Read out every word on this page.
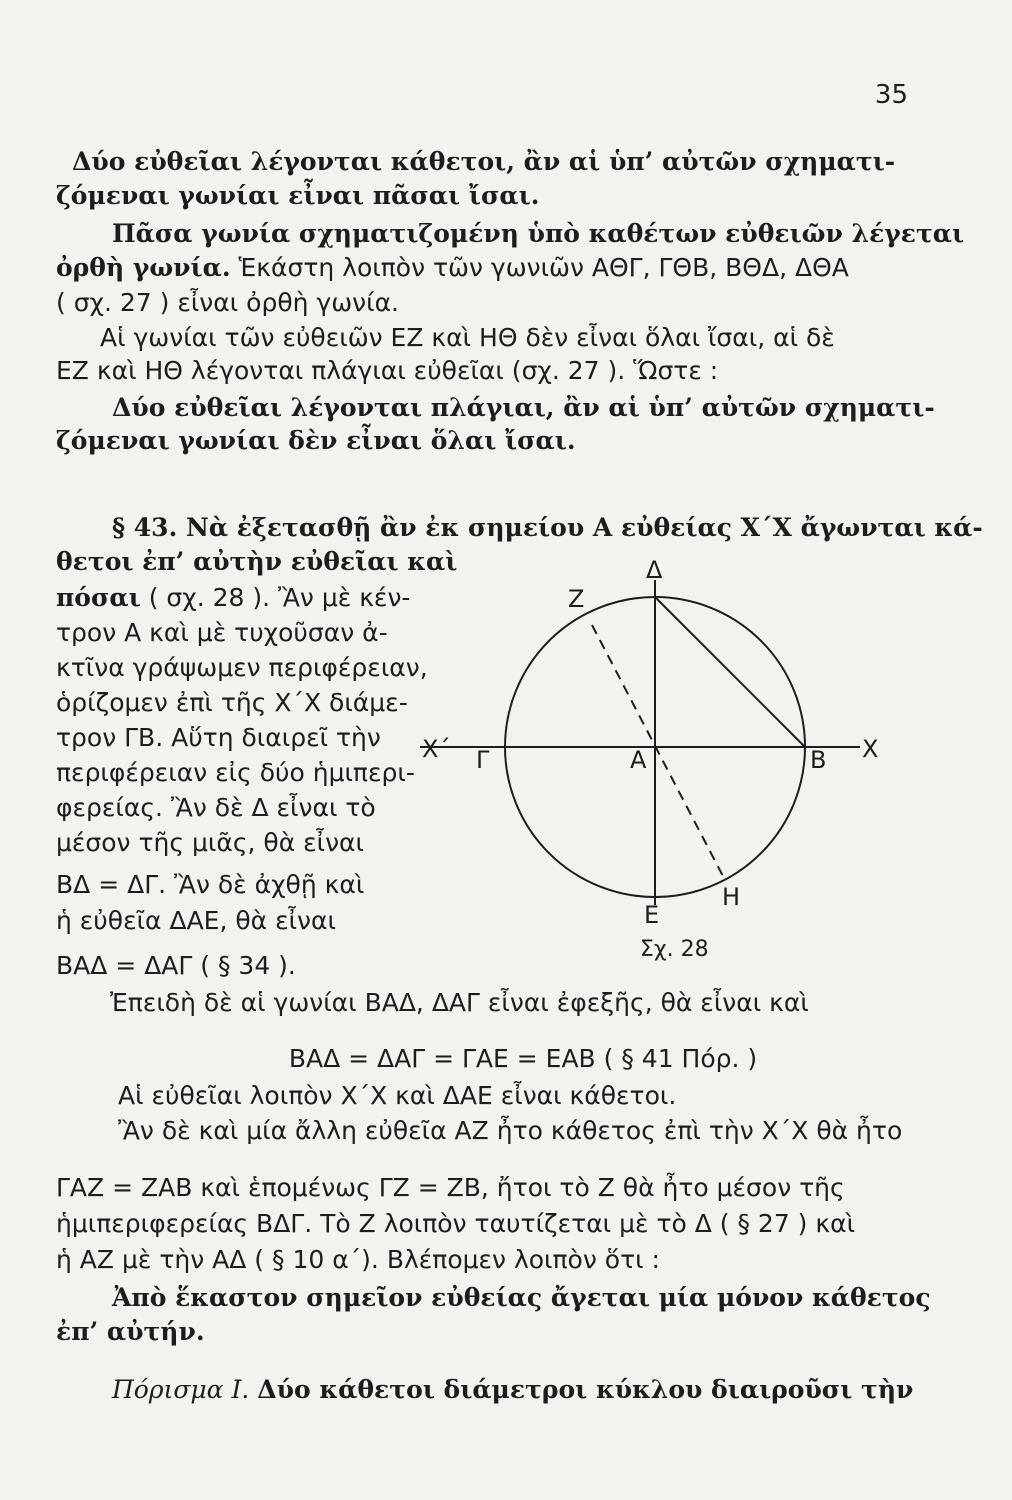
35
Δύο εὐθεῖαι λέγονται κάθετοι, ἂν αἱ ὑπ’ αὐτῶν σχηματι-
ζόμεναι γωνίαι εἶναι πᾶσαι ἴσαι.
Πᾶσα γωνία σχηματιζομένη ὑπὸ καθέτων εὐθειῶν λέγεται
ὀρθὴ γωνία. Ἑκάστη λοιπὸν τῶν γωνιῶν ΑΘΓ, ΓΘΒ, ΒΘΔ, ΔΘΑ
( σχ. 27 ) εἶναι ὀρθὴ γωνία.
Αἱ γωνίαι τῶν εὐθειῶν ΕΖ καὶ ΗΘ δὲν εἶναι ὅλαι ἴσαι, αἱ δὲ
ΕΖ καὶ ΗΘ λέγονται πλάγιαι εὐθεῖαι (σχ. 27 ). Ὥστε :
Δύο εὐθεῖαι λέγονται πλάγιαι, ἂν αἱ ὑπ’ αὐτῶν σχηματι-
ζόμεναι γωνίαι δὲν εἶναι ὅλαι ἴσαι.
§ 43. Νὰ ἐξετασθῇ ἂν ἐκ σημείου Α εὐθείας Χ΄Χ ἄγωνται κά-
θετοι ἐπ’ αὐτὴν εὐθεῖαι καὶ
πόσαι ( σχ. 28 ). Ἂν μὲ κέν-
τρον Α καὶ μὲ τυχοῦσαν ἀ-
κτῖνα γράψωμεν περιφέρειαν,
ὁρίζομεν ἐπὶ τῆς Χ΄Χ διάμε-
τρον ΓΒ. Αὕτη διαιρεῖ τὴν
περιφέρειαν εἰς δύο ἡμιπερι-
φερείας. Ἂν δὲ Δ εἶναι τὸ
μέσον τῆς μιᾶς, θὰ εἶναι
ΒΔ = ΔΓ. Ἂν δὲ ἀχθῇ καὶ
ἡ εὐθεῖα ΔΑΕ, θὰ εἶναι
ΒΑΔ = ΔΑΓ ( § 34 ).
Ἐπειδὴ δὲ αἱ γωνίαι ΒΑΔ, ΔΑΓ εἶναι ἐφεξῆς, θὰ εἶναι καὶ
ΒΑΔ = ΔΑΓ = ΓΑΕ = ΕΑΒ ( § 41 Πόρ. )
Αἱ εὐθεῖαι λοιπὸν Χ΄Χ καὶ ΔΑΕ εἶναι κάθετοι.
Ἂν δὲ καὶ μία ἄλλη εὐθεῖα ΑΖ ἦτο κάθετος ἐπὶ τὴν Χ΄Χ θὰ ἦτο
ΓΑΖ = ΖΑΒ καὶ ἑπομένως ΓΖ = ΖΒ, ἤτοι τὸ Ζ θὰ ἦτο μέσον τῆς
ἡμιπεριφερείας ΒΔΓ. Τὸ Ζ λοιπὸν ταυτίζεται μὲ τὸ Δ ( § 27 ) καὶ
ἡ ΑΖ μὲ τὴν ΑΔ ( § 10 α΄). Βλέπομεν λοιπὸν ὅτι :
Ἀπὸ ἕκαστον σημεῖον εὐθείας ἄγεται μία μόνον κάθετος
ἐπ’ αὐτήν.
Πόρισμα Ι. Δύο κάθετοι διάμετροι κύκλου διαιροῦσι τὴν
Ζ
Δ
Χ΄ Γ	Α	Β Χ
Ε
Η
Σχ. 28
